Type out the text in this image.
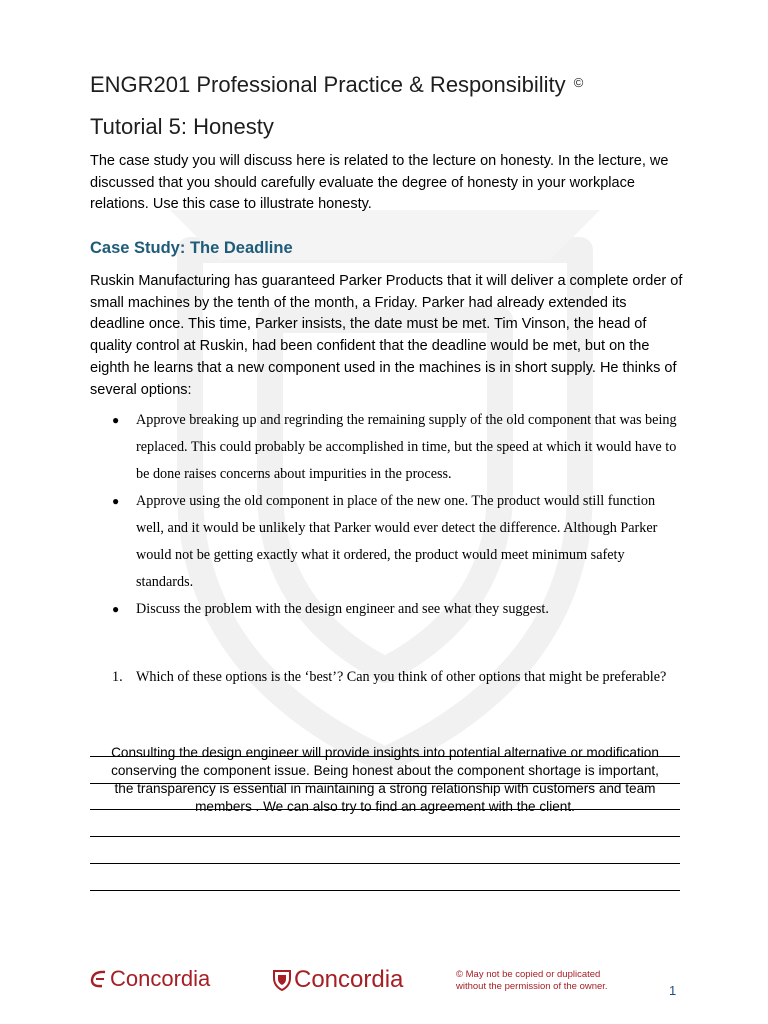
ENGR201 Professional Practice & Responsibility ©
Tutorial 5: Honesty

The case study you will discuss here is related to the lecture on honesty. In the lecture, we discussed that you should carefully evaluate the degree of honesty in your workplace relations. Use this case to illustrate honesty.

Case Study: The Deadline

Ruskin Manufacturing has guaranteed Parker Products that it will deliver a complete order of small machines by the tenth of the month, a Friday. Parker had already extended its deadline once. This time, Parker insists, the date must be met. Tim Vinson, the head of quality control at Ruskin, had been confident that the deadline would be met, but on the eighth he learns that a new component used in the machines is in short supply. He thinks of several options:

● Approve breaking up and regrinding the remaining supply of the old component that was being replaced. This could probably be accomplished in time, but the speed at which it would have to be done raises concerns about impurities in the process.
● Approve using the old component in place of the new one. The product would still function well, and it would be unlikely that Parker would ever detect the difference. Although Parker would not be getting exactly what it ordered, the product would meet minimum safety standards.
● Discuss the problem with the design engineer and see what they suggest.
1. Which of these options is the ‘best’? Can you think of other options that might be preferable?

Consulting the design engineer will provide insights into potential alternative or modification conserving the component issue. Being honest about the component shortage is important, the transparency is essential in maintaining a strong relationship with customers and team members . We can also try to find an agreement with the client.

Concordia	Concordia	© May not be copied or duplicated
without the permission of the owner.	1
